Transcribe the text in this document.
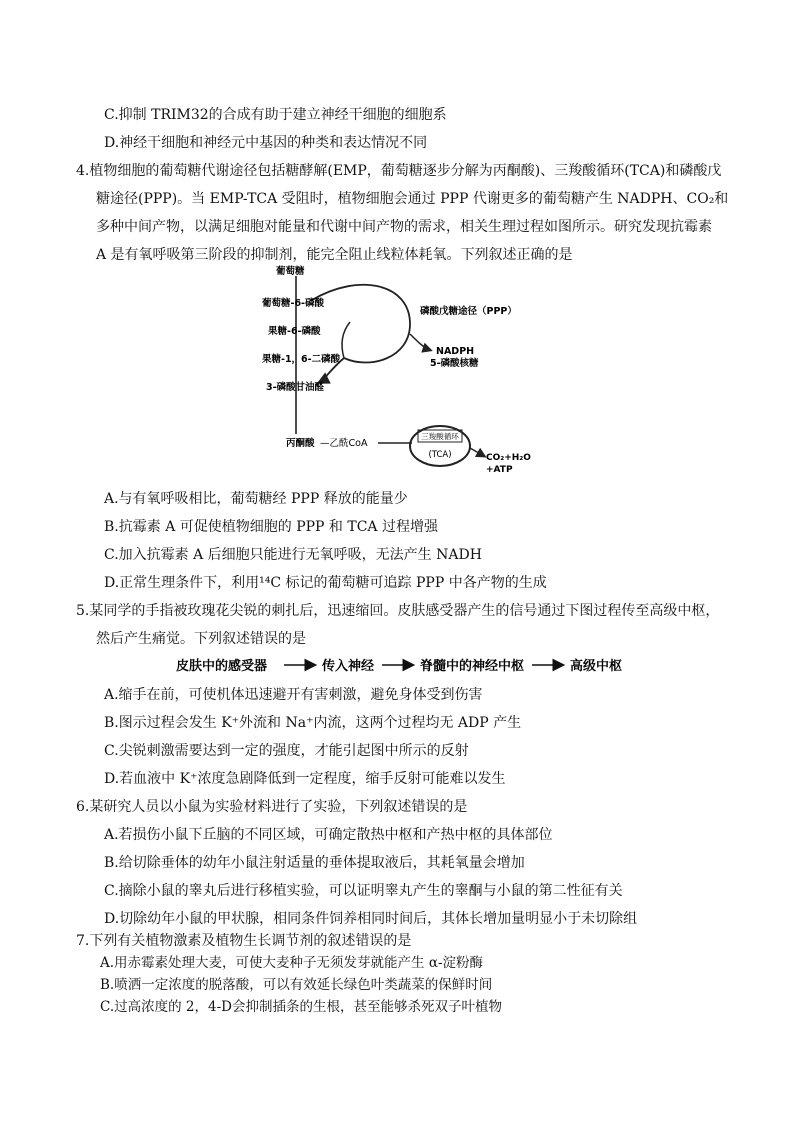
C.抑制 TRIM32的合成有助于建立神经干细胞的细胞系
D.神经干细胞和神经元中基因的种类和表达情况不同
4.植物细胞的葡萄糖代谢途径包括糖酵解(EMP，葡萄糖逐步分解为丙酮酸)、三羧酸循环(TCA)和磷酸戊
糖途径(PPP)。当 EMP-TCA 受阻时，植物细胞会通过 PPP 代谢更多的葡萄糖产生 NADPH、CO₂和
多种中间产物，以满足细胞对能量和代谢中间产物的需求，相关生理过程如图所示。研究发现抗霉素
A 是有氧呼吸第三阶段的抑制剂，能完全阻止线粒体耗氧。下列叙述正确的是
葡萄糖
葡萄糖-6-磷酸
果糖-6-磷酸
果糖-1，6-二磷酸
3-磷酸甘油醛
磷酸戊糖途径（PPP）
NADPH
5-磷酸核糖
丙酮酸 —乙酰CoA
三羧酸循环
(TCA)	CO₂+H₂O
+ATP
A.与有氧呼吸相比，葡萄糖经 PPP 释放的能量少
B.抗霉素 A 可促使植物细胞的 PPP 和 TCA 过程增强
C.加入抗霉素 A 后细胞只能进行无氧呼吸，无法产生 NADH
D.正常生理条件下，利用¹⁴C 标记的葡萄糖可追踪 PPP 中各产物的生成
5.某同学的手指被玫瑰花尖锐的刺扎后，迅速缩回。皮肤感受器产生的信号通过下图过程传至高级中枢，
然后产生痛觉。下列叙述错误的是
皮肤中的感受器	传入神经	脊髓中的神经中枢	高级中枢
A.缩手在前，可使机体迅速避开有害刺激，避免身体受到伤害
B.图示过程会发生 K⁺外流和 Na⁺内流，这两个过程均无 ADP 产生
C.尖锐刺激需要达到一定的强度，才能引起图中所示的反射
D.若血液中 K⁺浓度急剧降低到一定程度，缩手反射可能难以发生
6.某研究人员以小鼠为实验材料进行了实验，下列叙述错误的是
A.若损伤小鼠下丘脑的不同区域，可确定散热中枢和产热中枢的具体部位
B.给切除垂体的幼年小鼠注射适量的垂体提取液后，其耗氧量会增加
C.摘除小鼠的睾丸后进行移植实验，可以证明睾丸产生的睾酮与小鼠的第二性征有关
D.切除幼年小鼠的甲状腺，相同条件饲养相同时间后，其体长增加量明显小于未切除组
7.下列有关植物激素及植物生长调节剂的叙述错误的是
A.用赤霉素处理大麦，可使大麦种子无须发芽就能产生 α-淀粉酶
B.喷洒一定浓度的脱落酸，可以有效延长绿色叶类蔬菜的保鲜时间
C.过高浓度的 2，4-D会抑制插条的生根，甚至能够杀死双子叶植物
